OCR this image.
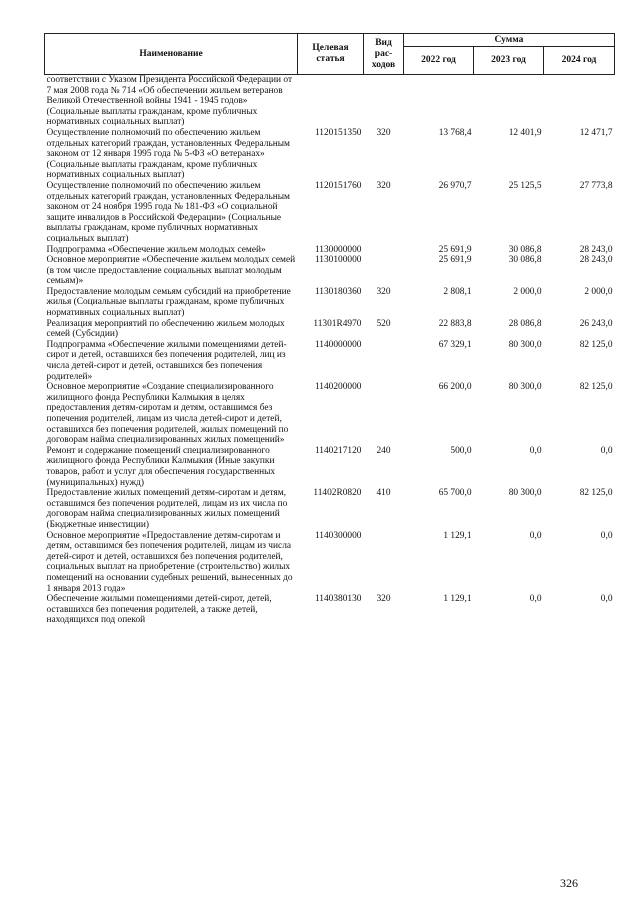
Наименование	Целевая статья	Вид рас-ходов	Сумма		
			2022 год	2023 год	2024 год
соответствии с Указом Президента Российской Федерации от 7 мая 2008 года № 714 «Об обеспечении жильем ветеранов Великой Отечественной войны 1941 - 1945 годов» (Социальные выплаты гражданам, кроме публичных нормативных социальных выплат)					
Осуществление полномочий по обеспечению жильем отдельных категорий граждан, установленных Федеральным законом от 12 января 1995 года № 5-ФЗ «О ветеранах» (Социальные выплаты гражданам, кроме публичных нормативных социальных выплат)	1120151350	320	13 768,4	12 401,9	12 471,7
Осуществление полномочий по обеспечению жильем отдельных категорий граждан, установленных Федеральным законом от 24 ноября 1995 года № 181-ФЗ «О социальной защите инвалидов в Российской Федерации» (Социальные выплаты гражданам, кроме публичных нормативных социальных выплат)	1120151760	320	26 970,7	25 125,5	27 773,8
Подпрограмма «Обеспечение жильем молодых семей»	1130000000		25 691,9	30 086,8	28 243,0
Основное мероприятие «Обеспечение жильем молодых семей (в том числе предоставление социальных выплат молодым семьям)»	1130100000		25 691,9	30 086,8	28 243,0
Предоставление молодым семьям субсидий на приобретение жилья (Социальные выплаты гражданам, кроме публичных нормативных социальных выплат)	1130180360	320	2 808,1	2 000,0	2 000,0
Реализация мероприятий по обеспечению жильем молодых семей (Субсидии)	11301R4970	520	22 883,8	28 086,8	26 243,0
Подпрограмма «Обеспечение жилыми помещениями детей-сирот и детей, оставшихся без попечения родителей, лиц из числа детей-сирот и детей, оставшихся без попечения родителей»	1140000000		67 329,1	80 300,0	82 125,0
Основное мероприятие «Создание специализированного жилищного фонда Республики Калмыкия в целях предоставления детям-сиротам и детям, оставшимся без попечения родителей, лицам из числа детей-сирот и детей, оставшихся без попечения родителей, жилых помещений по договорам найма специализированных жилых помещений»	1140200000		66 200,0	80 300,0	82 125,0
Ремонт и содержание помещений специализированного жилищного фонда Республики Калмыкия (Иные закупки товаров, работ и услуг для обеспечения государственных (муниципальных) нужд)	1140217120	240	500,0	0,0	0,0
Предоставление жилых помещений детям-сиротам и детям, оставшимся без попечения родителей, лицам из их числа по договорам найма специализированных жилых помещений (Бюджетные инвестиции)	11402R0820	410	65 700,0	80 300,0	82 125,0
Основное мероприятие «Предоставление детям-сиротам и детям, оставшимся без попечения родителей, лицам из числа детей-сирот и детей, оставшихся без попечения родителей, социальных выплат на приобретение (строительство) жилых помещений на основании судебных решений, вынесенных до 1 января 2013 года»	1140300000		1 129,1	0,0	0,0
Обеспечение жилыми помещениями детей-сирот, детей, оставшихся без попечения родителей, а также детей, находящихся под опекой	1140380130	320	1 129,1	0,0	0,0
326
